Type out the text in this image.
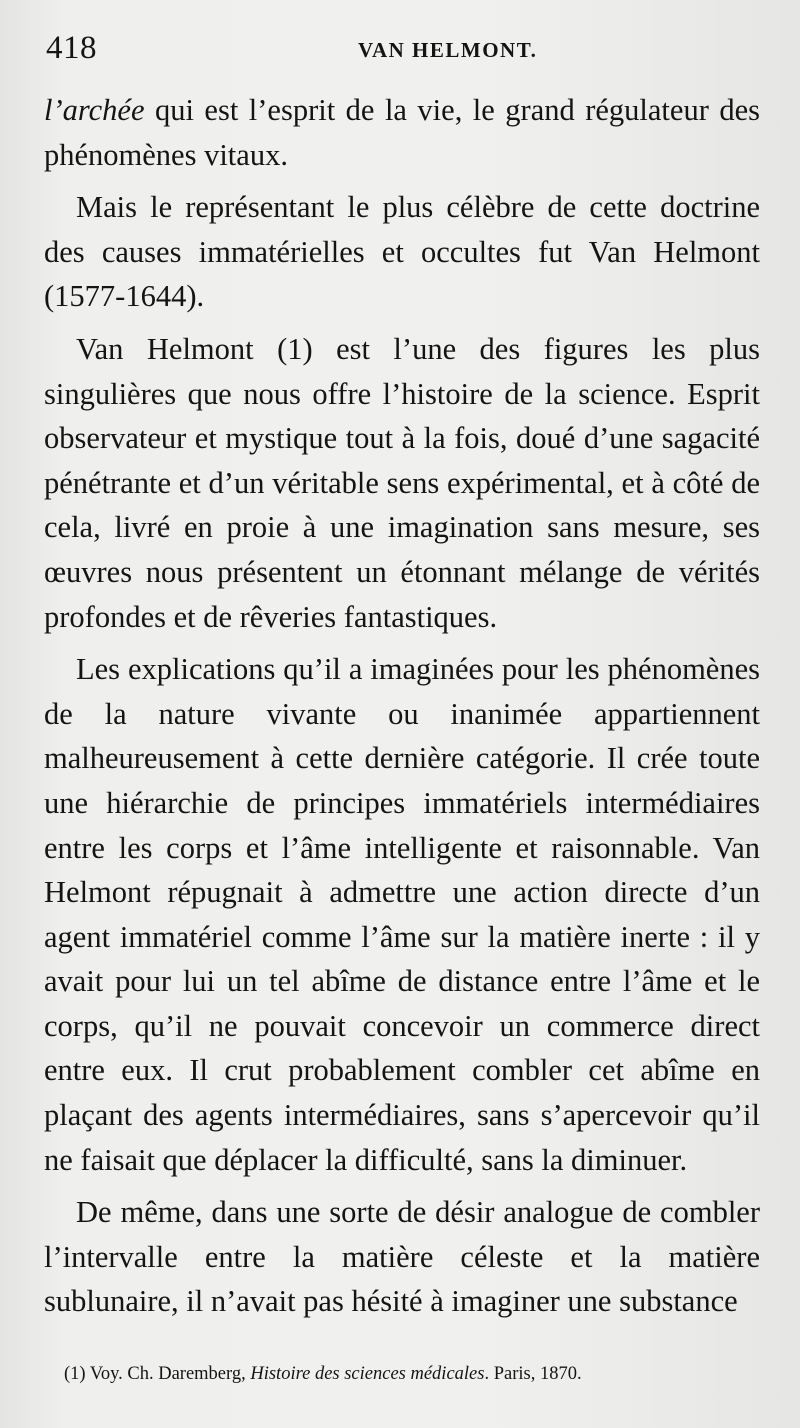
418	VAN HELMONT.

l’archée qui est l’esprit de la vie, le grand régulateur des phénomènes vitaux.

Mais le représentant le plus célèbre de cette doctrine des causes immatérielles et occultes fut Van Helmont (1577-1644).

Van Helmont (1) est l’une des figures les plus singulières que nous offre l’histoire de la science. Esprit observateur et mystique tout à la fois, doué d’une sagacité pénétrante et d’un véritable sens expérimental, et à côté de cela, livré en proie à une imagination sans mesure, ses œuvres nous présentent un étonnant mélange de vérités profondes et de rêveries fantastiques.

Les explications qu’il a imaginées pour les phénomènes de la nature vivante ou inanimée appartiennent malheureusement à cette dernière catégorie. Il crée toute une hiérarchie de principes immatériels intermédiaires entre les corps et l’âme intelligente et raisonnable. Van Helmont répugnait à admettre une action directe d’un agent immatériel comme l’âme sur la matière inerte : il y avait pour lui un tel abîme de distance entre l’âme et le corps, qu’il ne pouvait concevoir un commerce direct entre eux. Il crut probablement combler cet abîme en plaçant des agents intermédiaires, sans s’apercevoir qu’il ne faisait que déplacer la difficulté, sans la diminuer.

De même, dans une sorte de désir analogue de combler l’intervalle entre la matière céleste et la matière sublunaire, il n’avait pas hésité à imaginer une substance

(1) Voy. Ch. Daremberg, Histoire des sciences médicales. Paris, 1870.
